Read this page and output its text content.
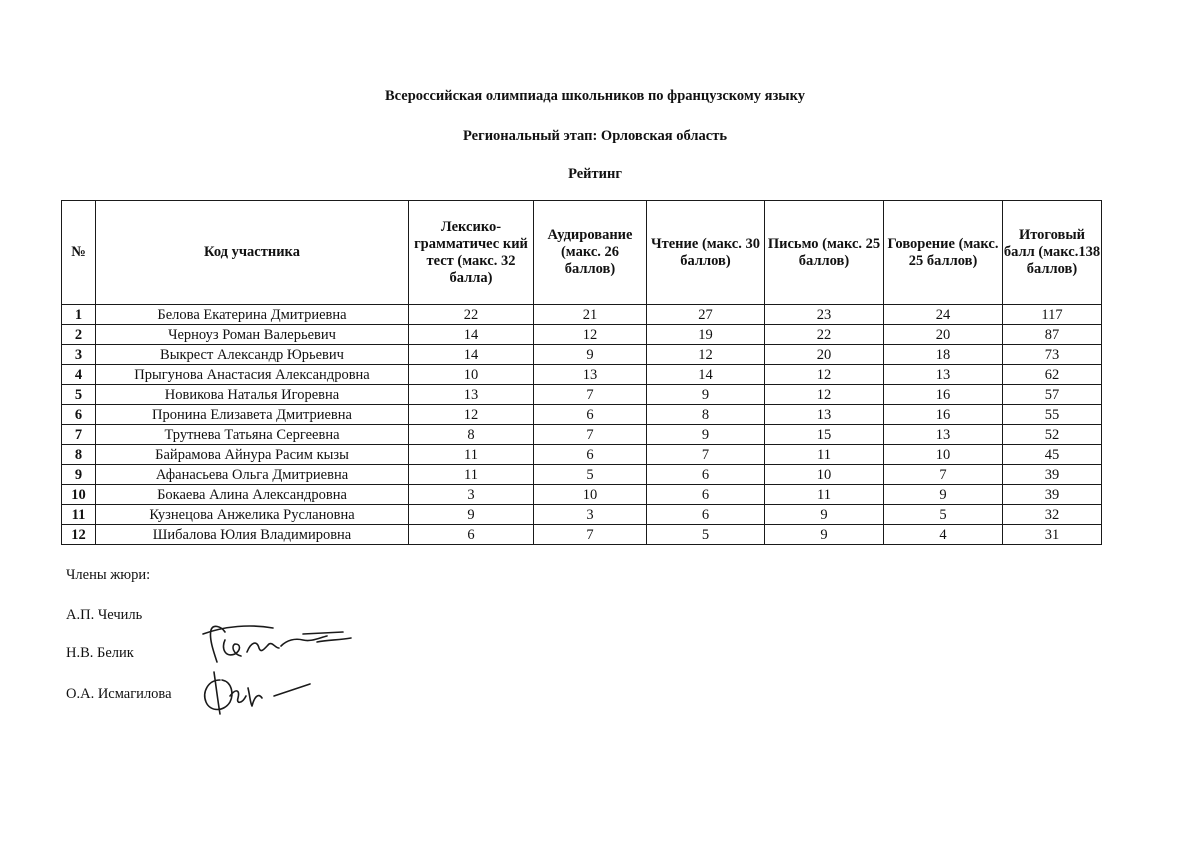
Всероссийская олимпиада школьников по французскому языку
Региональный этап: Орловская область
Рейтинг
№	Код участника	Лексико-грамматичес кий тест (макс. 32 балла)	Аудирование (макс. 26 баллов)	Чтение (макс. 30 баллов)	Письмо (макс. 25 баллов)	Говорение (макс. 25 баллов)	Итоговый балл (макс.138 баллов)
1	Белова Екатерина Дмитриевна	22	21	27	23	24	117
2	Черноуз Роман Валерьевич	14	12	19	22	20	87
3	Выкрест Александр Юрьевич	14	9	12	20	18	73
4	Прыгунова Анастасия Александровна	10	13	14	12	13	62
5	Новикова Наталья Игоревна	13	7	9	12	16	57
6	Пронина Елизавета Дмитриевна	12	6	8	13	16	55
7	Трутнева Татьяна Сергеевна	8	7	9	15	13	52
8	Байрамова Айнура Расим кызы	11	6	7	11	10	45
9	Афанасьева Ольга Дмитриевна	11	5	6	10	7	39
10	Бокаева Алина Александровна	3	10	6	11	9	39
11	Кузнецова Анжелика Руслановна	9	3	6	9	5	32
12	Шибалова Юлия Владимировна	6	7	5	9	4	31

Члены жюри:

А.П. Чечиль

Н.В. Белик

О.А. Исмагилова
